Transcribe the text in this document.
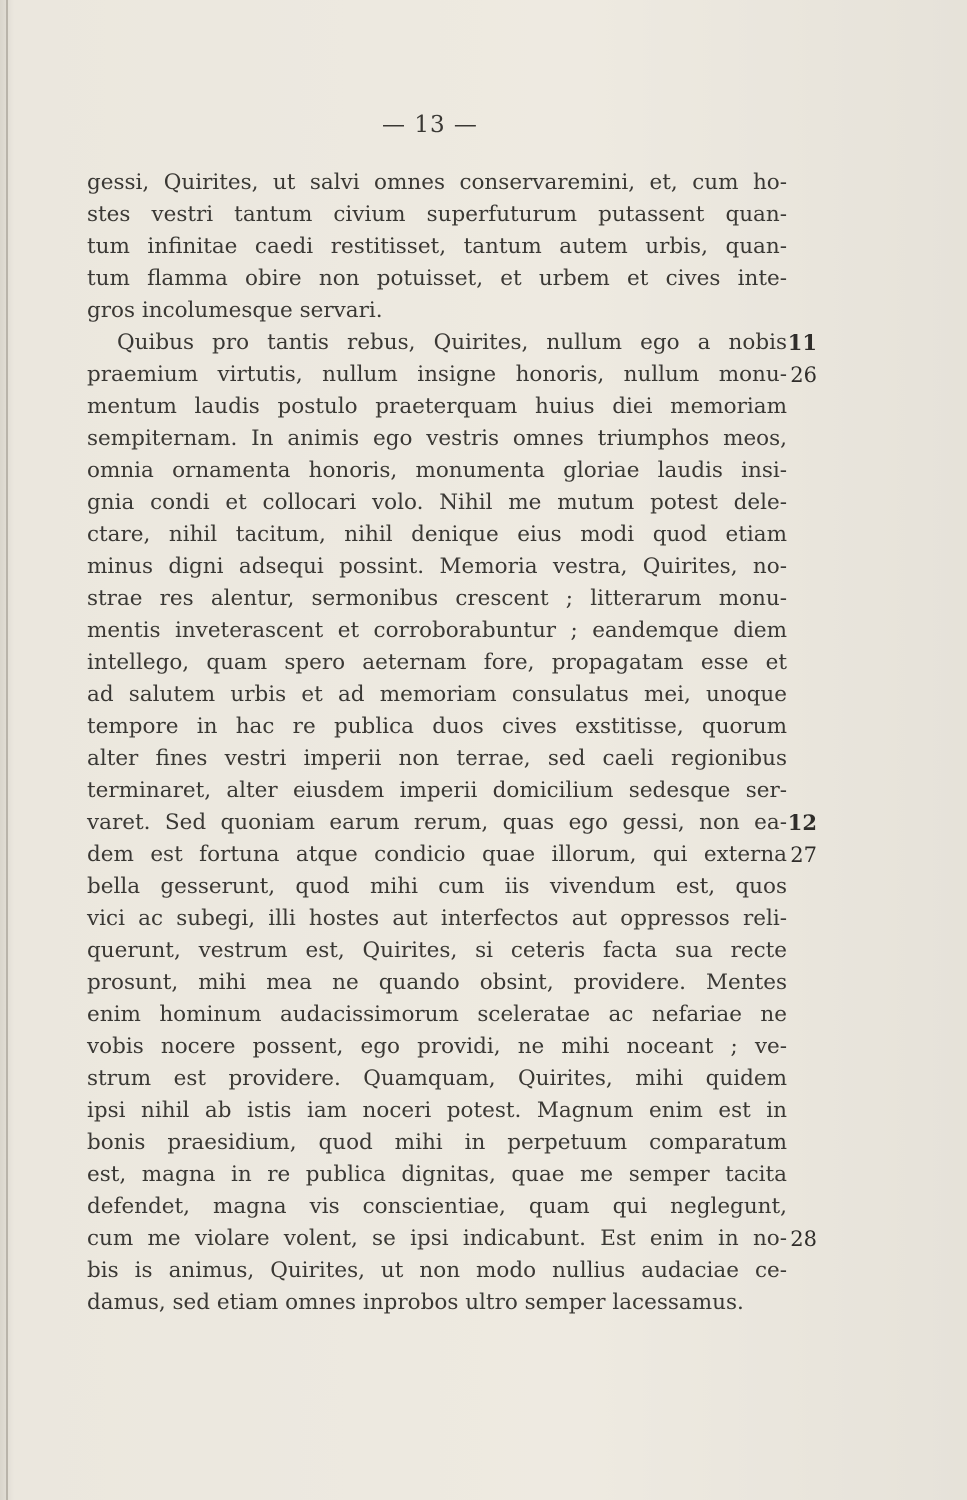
— 13 —
gessi, Quirites, ut salvi omnes conservaremini, et, cum ho-
stes vestri tantum civium superfuturum putassent quan-
tum infinitae caedi restitisset, tantum autem urbis, quan-
tum flamma obire non potuisset, et urbem et cives inte-
gros incolumesque servari.
Quibus pro tantis rebus, Quirites, nullum ego a nobis 11
praemium virtutis, nullum insigne honoris, nullum monu- 26
mentum laudis postulo praeterquam huius diei memoriam
sempiternam. In animis ego vestris omnes triumphos meos,
omnia ornamenta honoris, monumenta gloriae laudis insi-
gnia condi et collocari volo. Nihil me mutum potest dele-
ctare, nihil tacitum, nihil denique eius modi quod etiam
minus digni adsequi possint. Memoria vestra, Quirites, no-
strae res alentur, sermonibus crescent ; litterarum monu-
mentis inveterascent et corroborabuntur ; eandemque diem
intellego, quam spero aeternam fore, propagatam esse et
ad salutem urbis et ad memoriam consulatus mei, unoque
tempore in hac re publica duos cives exstitisse, quorum
alter fines vestri imperii non terrae, sed caeli regionibus
terminaret, alter eiusdem imperii domicilium sedesque ser-
varet. Sed quoniam earum rerum, quas ego gessi, non ea- 12
dem est fortuna atque condicio quae illorum, qui externa 27
bella gesserunt, quod mihi cum iis vivendum est, quos
vici ac subegi, illi hostes aut interfectos aut oppressos reli-
querunt, vestrum est, Quirites, si ceteris facta sua recte
prosunt, mihi mea ne quando obsint, providere. Mentes
enim hominum audacissimorum sceleratae ac nefariae ne
vobis nocere possent, ego providi, ne mihi noceant ; ve-
strum est providere. Quamquam, Quirites, mihi quidem
ipsi nihil ab istis iam noceri potest. Magnum enim est in
bonis praesidium, quod mihi in perpetuum comparatum
est, magna in re publica dignitas, quae me semper tacita
defendet, magna vis conscientiae, quam qui neglegunt,
cum me violare volent, se ipsi indicabunt. Est enim in no- 28
bis is animus, Quirites, ut non modo nullius audaciae ce-
damus, sed etiam omnes inprobos ultro semper lacessamus.
